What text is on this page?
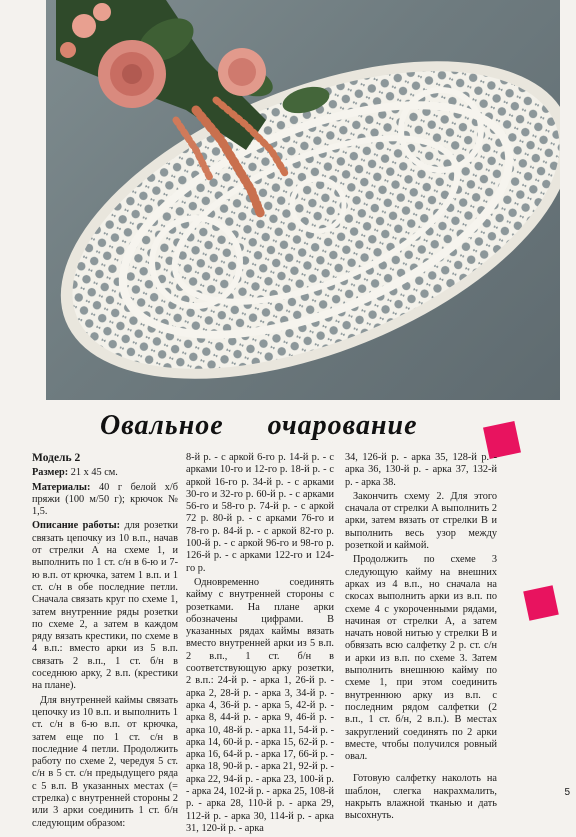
Овальное очарование
Модель 2

Размер: 21 х 45 см.

Материалы: 40 г белой х/б пряжи (100 м/50 г); крючок № 1,5.

Описание работы: для розетки связать цепочку из 10 в.п., начав от стрелки А на схеме 1, и выполнить по 1 ст. с/н в 6-ю и 7-ю в.п. от крючка, затем 1 в.п. и 1 ст. с/н в обе последние петли. Сначала связать круг по схеме 1, затем внутренние ряды розетки по схеме 2, а затем в каждом ряду вязать крестики, по схеме в 4 в.п.: вместо арки из 5 в.п. связать 2 в.п., 1 ст. б/н в соседнюю арку, 2 в.п. (крестики на плане).

Для внутренней каймы связать цепочку из 10 в.п. и выполнить 1 ст. с/н в 6-ю в.п. от крючка, затем еще по 1 ст. с/н в последние 4 петли. Продолжить работу по схеме 2, чередуя 5 ст. с/н в 5 ст. с/н предыдущего ряда с 5 в.п. В указанных местах (= стрелка) с внутренней стороны 2 или 3 арки соединить 1 ст. б/н следующим образом:

8-й р. - с аркой 6-го р. 14-й р. - с арками 10-го и 12-го р. 18-й р. - с аркой 16-го р. 34-й р. - с арками 30-го и 32-го р. 60-й р. - с арками 56-го и 58-го р. 74-й р. - с аркой 72 р. 80-й р. - с арками 76-го и 78-го р. 84-й р. - с аркой 82-го р. 100-й р. - с аркой 96-го и 98-го р. 126-й р. - с арками 122-го и 124-го р.

Одновременно соединять кайму с внутренней стороны с розетками. На плане арки обозначены цифрами. В указанных рядах каймы вязать вместо внутренней арки из 5 в.п. 2 в.п., 1 ст. б/н в соответствующую арку розетки, 2 в.п.: 24-й р. - арка 1, 26-й р. - арка 2, 28-й р. - арка 3, 34-й р. - арка 4, 36-й р. - арка 5, 42-й р. - арка 8, 44-й р. - арка 9, 46-й р. - арка 10, 48-й р. - арка 11, 54-й р. - арка 14, 60-й р. - арка 15, 62-й р. - арка 16, 64-й р. - арка 17, 66-й р. - арка 18, 90-й р. - арка 21, 92-й р. - арка 22, 94-й р. - арка 23, 100-й р. - арка 24, 102-й р. - арка 25, 108-й р. - арка 28, 110-й р. - арка 29, 112-й р. - арка 30, 114-й р. - арка 31, 120-й р. - арка

34, 126-й р. - арка 35, 128-й р. - арка 36, 130-й р. - арка 37, 132-й р. - арка 38.

Закончить схему 2. Для этого сначала от стрелки А выполнить 2 арки, затем вязать от стрелки В и выполнить весь узор между розеткой и каймой.

Продолжить по схеме 3 следующую кайму на внешних арках из 4 в.п., но сначала на скосах выполнить арки из в.п. по схеме 4 с укороченными рядами, начиная от стрелки А, а затем начать новой нитью у стрелки В и обвязать всю салфетку 2 р. ст. с/н и арки из в.п. по схеме 3. Затем выполнить внешнюю кайму по схеме 1, при этом соединить внутреннюю арку из в.п. с последним рядом салфетки (2 в.п., 1 ст. б/н, 2 в.п.). В местах закруглений соединять по 2 арки вместе, чтобы получился ровный овал.

Готовую салфетку наколоть на шаблон, слегка накрахмалить, накрыть влажной тканью и дать высохнуть.

5
